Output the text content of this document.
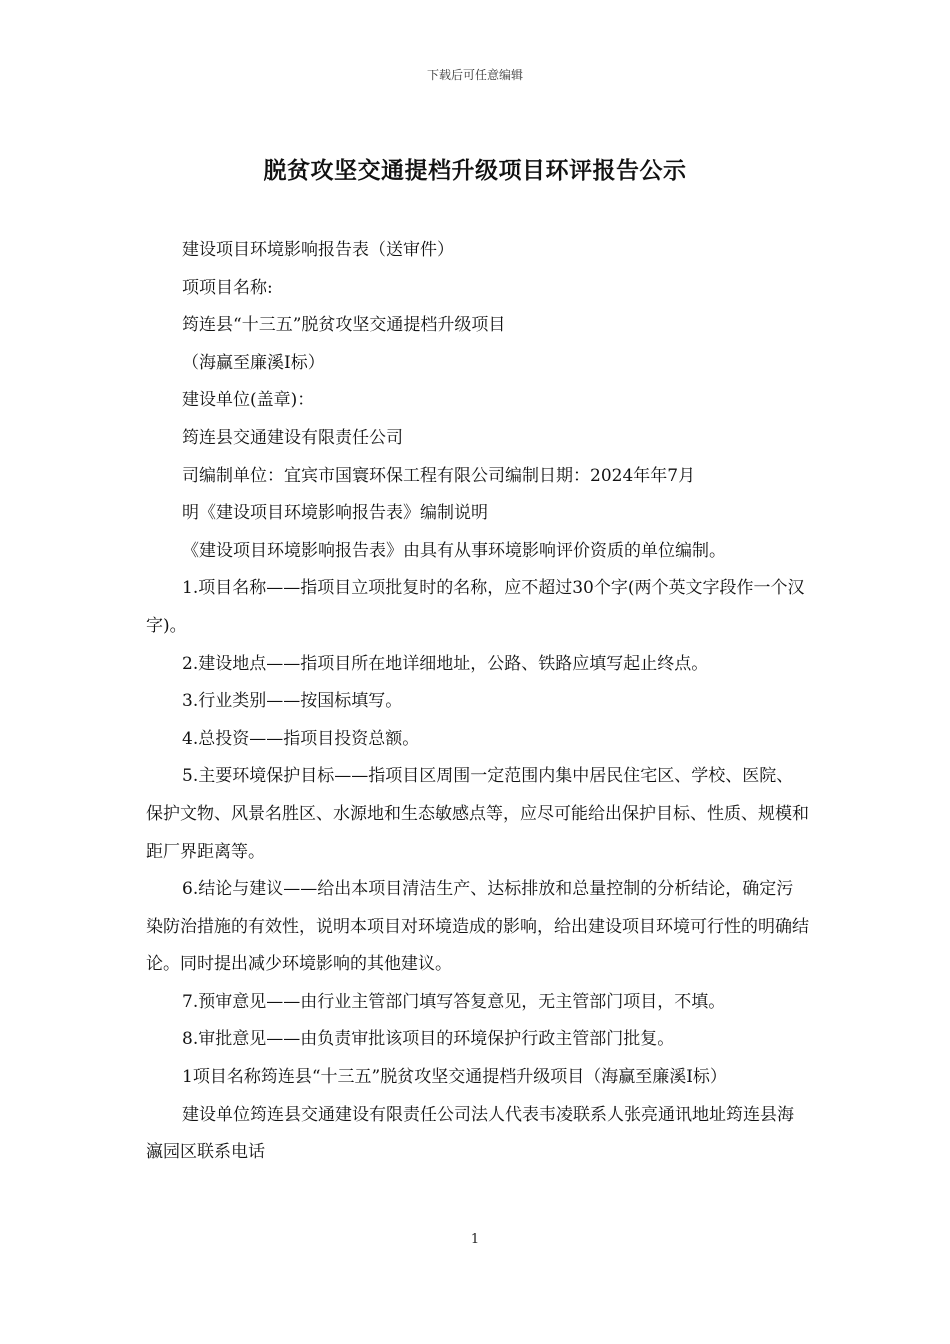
下载后可任意编辑
脱贫攻坚交通提档升级项目环评报告公示

建设项目环境影响报告表（送审件）

项项目名称:

筠连县“十三五”脱贫攻坚交通提档升级项目

（海赢至廉溪Ⅰ标）

建设单位(盖章)：

筠连县交通建设有限责任公司

司编制单位：宜宾市国寰环保工程有限公司编制日期：2024年年7月

明《建设项目环境影响报告表》编制说明

《建设项目环境影响报告表》由具有从事环境影响评价资质的单位编制。

1.项目名称——指项目立项批复时的名称，应不超过30个字(两个英文字段作一个汉字)。

2.建设地点——指项目所在地详细地址，公路、铁路应填写起止终点。

3.行业类别——按国标填写。

4.总投资——指项目投资总额。

5.主要环境保护目标——指项目区周围一定范围内集中居民住宅区、学校、医院、保护文物、风景名胜区、水源地和生态敏感点等，应尽可能给出保护目标、性质、规模和距厂界距离等。

6.结论与建议——给出本项目清洁生产、达标排放和总量控制的分析结论，确定污染防治措施的有效性，说明本项目对环境造成的影响，给出建设项目环境可行性的明确结论。同时提出减少环境影响的其他建议。

7.预审意见——由行业主管部门填写答复意见，无主管部门项目，不填。

8.审批意见——由负责审批该项目的环境保护行政主管部门批复。

1项目名称筠连县“十三五”脱贫攻坚交通提档升级项目（海赢至廉溪Ⅰ标）

建设单位筠连县交通建设有限责任公司法人代表韦凌联系人张亮通讯地址筠连县海瀛园区联系电话

1
